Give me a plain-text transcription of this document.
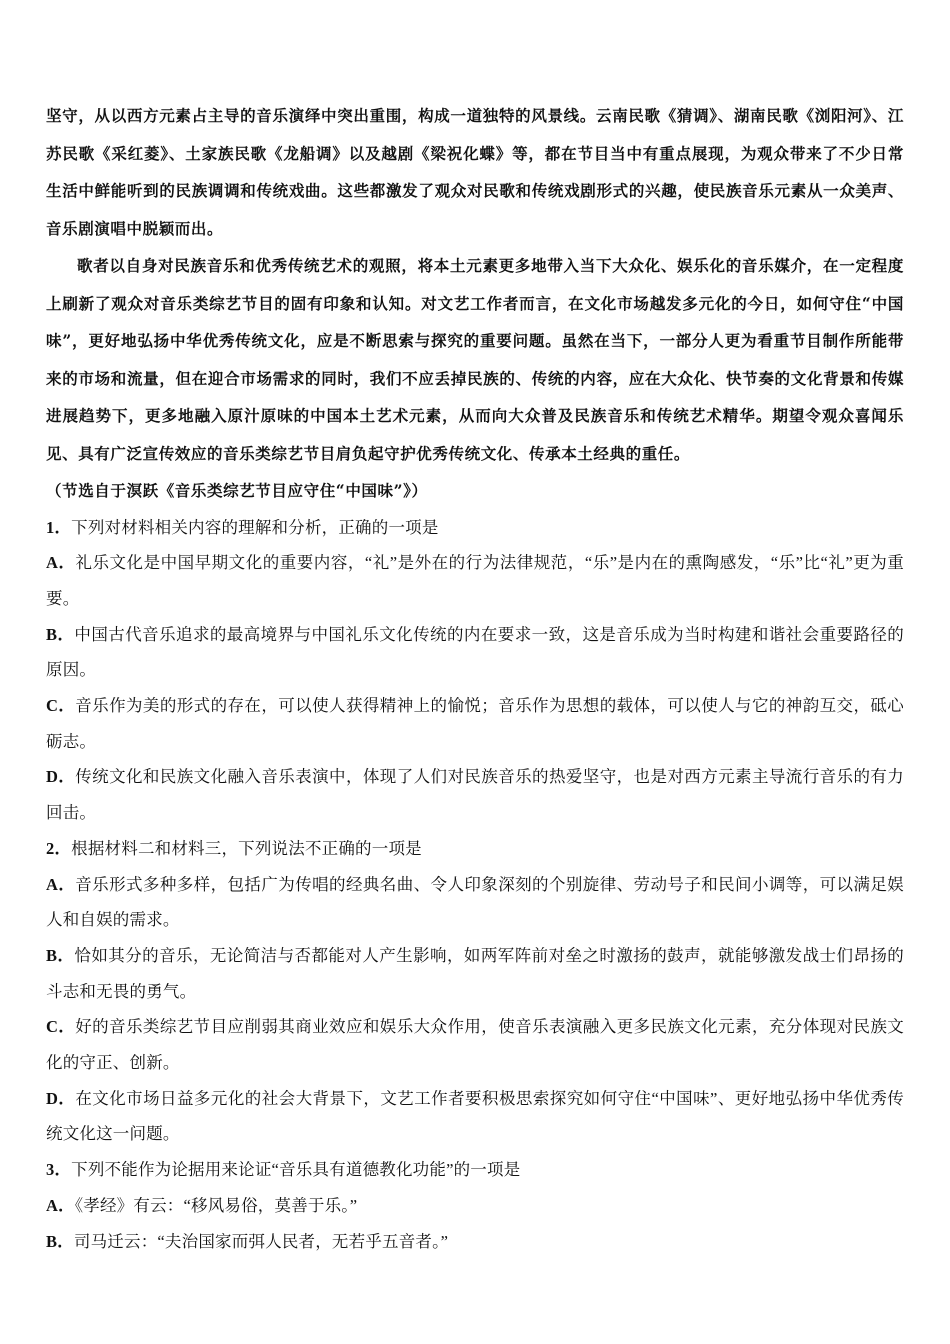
坚守，从以西方元素占主导的音乐演绎中突出重围，构成一道独特的风景线。云南民歌《猜调》、湖南民歌《浏阳河》、江苏民歌《采红菱》、土家族民歌《龙船调》以及越剧《梁祝化蝶》等，都在节目当中有重点展现，为观众带来了不少日常生活中鲜能听到的民族调调和传统戏曲。这些都激发了观众对民歌和传统戏剧形式的兴趣，使民族音乐元素从一众美声、音乐剧演唱中脱颖而出。

歌者以自身对民族音乐和优秀传统艺术的观照，将本土元素更多地带入当下大众化、娱乐化的音乐媒介，在一定程度上刷新了观众对音乐类综艺节目的固有印象和认知。对文艺工作者而言，在文化市场越发多元化的今日，如何守住“中国味”，更好地弘扬中华优秀传统文化，应是不断思索与探究的重要问题。虽然在当下，一部分人更为看重节目制作所能带来的市场和流量，但在迎合市场需求的同时，我们不应丢掉民族的、传统的内容，应在大众化、快节奏的文化背景和传媒进展趋势下，更多地融入原汁原味的中国本土艺术元素，从而向大众普及民族音乐和传统艺术精华。期望令观众喜闻乐见、具有广泛宣传效应的音乐类综艺节目肩负起守护优秀传统文化、传承本土经典的重任。

（节选自于溟跃《音乐类综艺节目应守住“中国味”》）

1．下列对材料相关内容的理解和分析，正确的一项是

A．礼乐文化是中国早期文化的重要内容，“礼”是外在的行为法律规范，“乐”是内在的熏陶感发，“乐”比“礼”更为重要。

B．中国古代音乐追求的最高境界与中国礼乐文化传统的内在要求一致，这是音乐成为当时构建和谐社会重要路径的原因。

C．音乐作为美的形式的存在，可以使人获得精神上的愉悦；音乐作为思想的载体，可以使人与它的神韵互交，砥心砺志。

D．传统文化和民族文化融入音乐表演中，体现了人们对民族音乐的热爱坚守，也是对西方元素主导流行音乐的有力回击。

2．根据材料二和材料三，下列说法不正确的一项是

A．音乐形式多种多样，包括广为传唱的经典名曲、令人印象深刻的个别旋律、劳动号子和民间小调等，可以满足娱人和自娱的需求。

B．恰如其分的音乐，无论简洁与否都能对人产生影响，如两军阵前对垒之时激扬的鼓声，就能够激发战士们昂扬的斗志和无畏的勇气。

C．好的音乐类综艺节目应削弱其商业效应和娱乐大众作用，使音乐表演融入更多民族文化元素，充分体现对民族文化的守正、创新。

D．在文化市场日益多元化的社会大背景下，文艺工作者要积极思索探究如何守住“中国味”、更好地弘扬中华优秀传统文化这一问题。

3．下列不能作为论据用来论证“音乐具有道德教化功能”的一项是

A．《孝经》有云：“移风易俗，莫善于乐。”

B．司马迁云：“夫治国家而弭人民者，无若乎五音者。”
